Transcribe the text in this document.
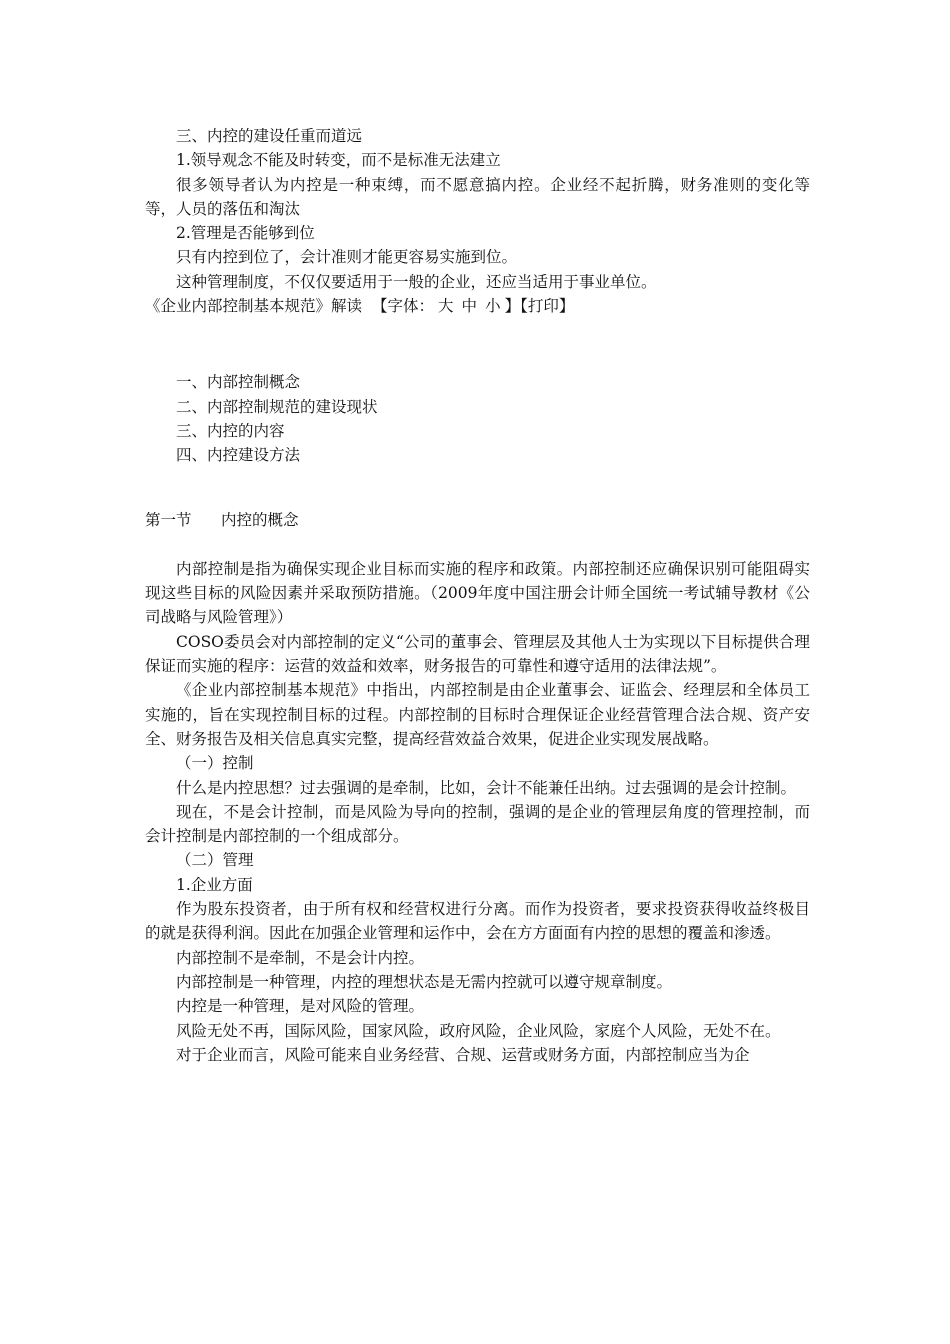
三、内控的建设任重而道远

1.领导观念不能及时转变，而不是标准无法建立

很多领导者认为内控是一种束缚，而不愿意搞内控。企业经不起折腾，财务准则的变化等等，人员的落伍和淘汰

2.管理是否能够到位

只有内控到位了，会计准则才能更容易实施到位。

这种管理制度，不仅仅要适用于一般的企业，还应当适用于事业单位。

《企业内部控制基本规范》解读 【字体： 大 中 小 】【打印】

一、内部控制概念

二、内部控制规范的建设现状

三、内控的内容

四、内控建设方法

第一节 内控的概念

内部控制是指为确保实现企业目标而实施的程序和政策。内部控制还应确保识别可能阻碍实现这些目标的风险因素并采取预防措施。（2009年度中国注册会计师全国统一考试辅导教材《公司战略与风险管理》）

COSO委员会对内部控制的定义“公司的董事会、管理层及其他人士为实现以下目标提供合理保证而实施的程序：运营的效益和效率，财务报告的可靠性和遵守适用的法律法规”。

《企业内部控制基本规范》中指出，内部控制是由企业董事会、证监会、经理层和全体员工实施的，旨在实现控制目标的过程。内部控制的目标时合理保证企业经营管理合法合规、资产安全、财务报告及相关信息真实完整，提高经营效益合效果，促进企业实现发展战略。

（一）控制

什么是内控思想？过去强调的是牵制，比如，会计不能兼任出纳。过去强调的是会计控制。

现在，不是会计控制，而是风险为导向的控制，强调的是企业的管理层角度的管理控制，而会计控制是内部控制的一个组成部分。

（二）管理

1.企业方面

作为股东投资者，由于所有权和经营权进行分离。而作为投资者，要求投资获得收益终极目的就是获得利润。因此在加强企业管理和运作中，会在方方面面有内控的思想的覆盖和渗透。

内部控制不是牵制，不是会计内控。

内部控制是一种管理，内控的理想状态是无需内控就可以遵守规章制度。

内控是一种管理，是对风险的管理。

风险无处不再，国际风险，国家风险，政府风险，企业风险，家庭个人风险，无处不在。

对于企业而言，风险可能来自业务经营、合规、运营或财务方面，内部控制应当为企
